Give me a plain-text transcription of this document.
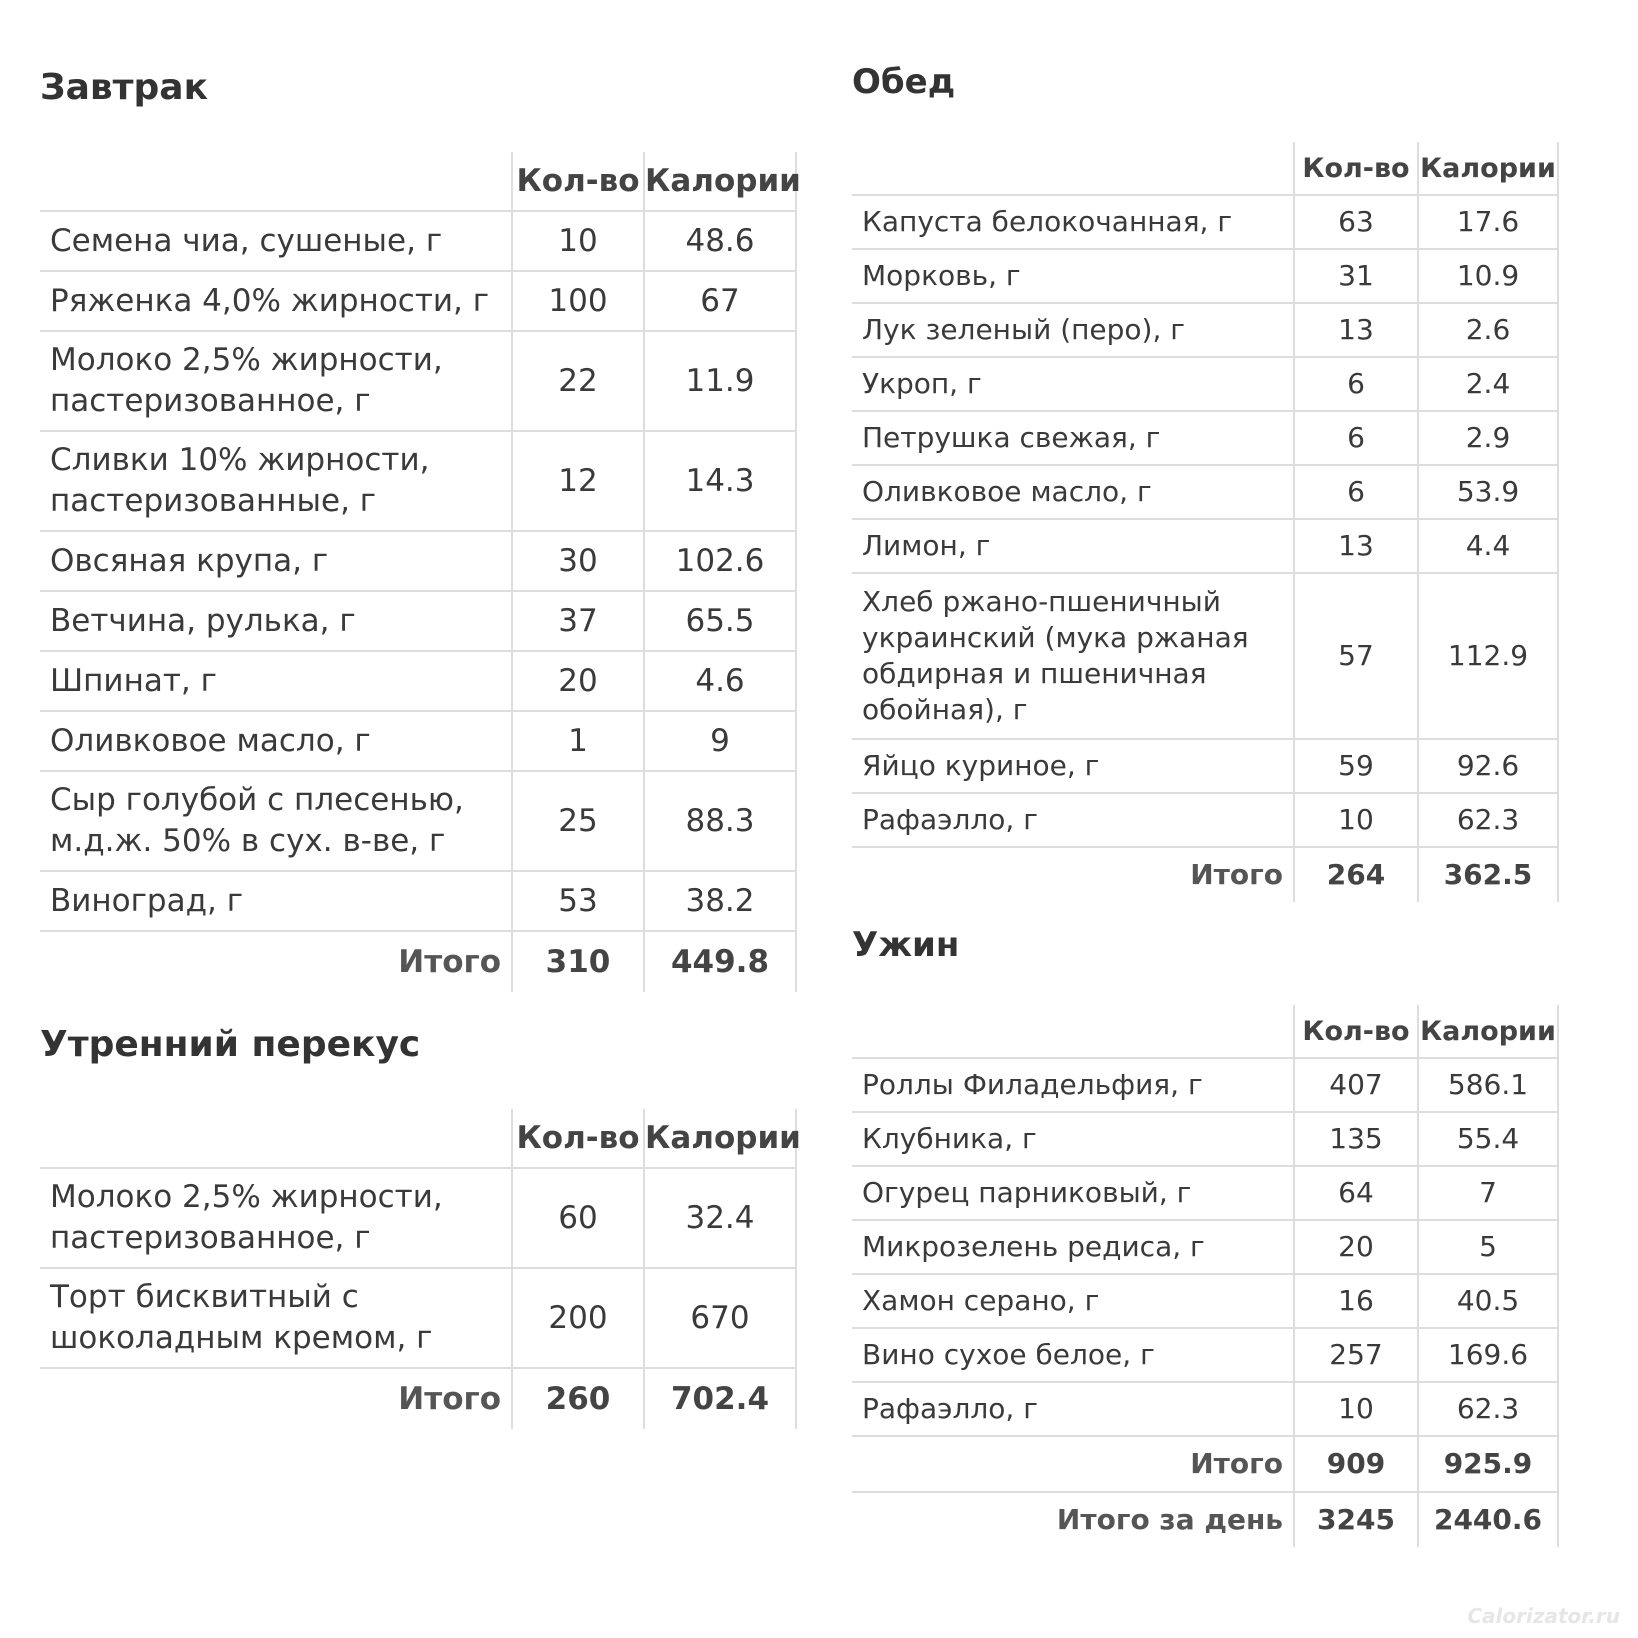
Завтрак
	Кол-во	Калории	
Семена чиа, сушеные, г	10	48.6	
Ряженка 4,0% жирности, г	100	67	
Молоко 2,5% жирности, пастеризованное, г	22	11.9	
Сливки 10% жирности, пастеризованные, г	12	14.3	
Овсяная крупа, г	30	102.6	
Ветчина, рулька, г	37	65.5	
Шпинат, г	20	4.6	
Оливковое масло, г	1	9	
Сыр голубой с плесенью, м.д.ж. 50% в сух. в-ве, г	25	88.3	
Виноград, г	53	38.2	
Итого	310	449.8	
Утренний перекус
	Кол-во	Калории	
Молоко 2,5% жирности, пастеризованное, г	60	32.4	
Торт бисквитный с шоколадным кремом, г	200	670	
Итого	260	702.4	
Обед
	Кол-во	Калории	
Капуста белокочанная, г	63	17.6	
Морковь, г	31	10.9	
Лук зеленый (перо), г	13	2.6	
Укроп, г	6	2.4	
Петрушка свежая, г	6	2.9	
Оливковое масло, г	6	53.9	
Лимон, г	13	4.4	
Хлеб ржано-пшеничный украинский (мука ржаная обдирная и пшеничная обойная), г	57	112.9	
Яйцо куриное, г	59	92.6	
Рафаэлло, г	10	62.3	
Итого	264	362.5	
Ужин
	Кол-во	Калории	
Роллы Филадельфия, г	407	586.1	
Клубника, г	135	55.4	
Огурец парниковый, г	64	7	
Микрозелень редиса, г	20	5	
Хамон серано, г	16	40.5	
Вино сухое белое, г	257	169.6	
Рафаэлло, г	10	62.3	
Итого	909	925.9	
Итого за день	3245	2440.6	
Calorizator.ru
